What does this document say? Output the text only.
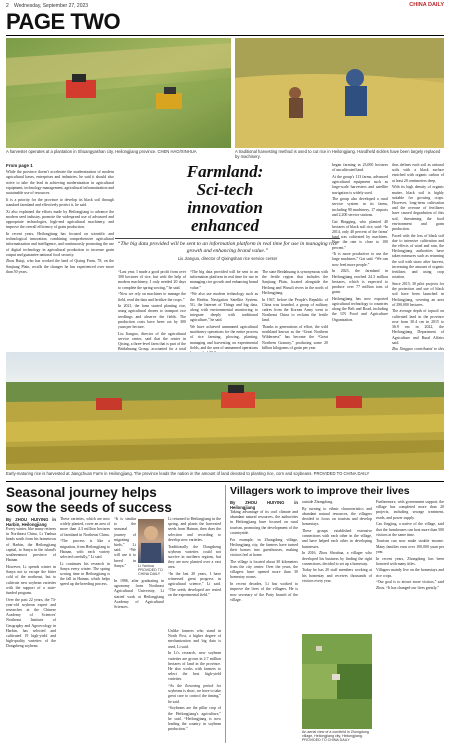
2 Wednesday, September 27, 2023	CHINA DAILY
PAGE TWO
A harvester operates at a plantation in Shuangyashan city, Heilongjiang province. CHEN HAO/XINHUA	A traditional harvesting method is used to cut rice in Heilongjiang. Handheld sickles have been largely replaced by machinery.
Farmland:
Sci-tech
innovation
enhanced
“The big data provided will be sent to an information platform in real time for use in managing rice growth and enhancing brand value.”
Liu Jianguo, director of Qixingshan rice service center
From page 1

While the province doesn't accelerate the modernization of modern agricultural bases, enterprises and industries, he said it should also strive to take the lead in achieving modernization in agricultural equipment, technology management, agricultural informatization and sustainable use of resources.

It is a priority for the province to develop its black soil through standard farmland and effectively protect it, he said.

Xi also explained the efforts made by Heilongjiang to advance the modern seed industry, promote the widespread use of advanced and appropriate technologies, high-end agricultural machinery, and improve the overall efficiency of grain production.

In recent years, Heilongjiang has focused on scientific and technological innovation, combining comprehensive agricultural informatization and intelligence, and continuously promoting the use of digital technology in agricultural production to increase grain output and guarantee national food security.

Zhou Ruiqi, who has worked the land of Qixing Farm, 78, on the Sanjiang Plain, recalls the changes he has experienced over more than 50 years.	“Last year, I made a good profit from over 300 hectares of rice, but with the help of modern machinery, I only needed 20 days to complete the spring sowing,” he said.

“Now we rely on machines to manage the field, read the data and fertilize the crops.”

In 2021, the farm started planting rice, using agricultural drones to transport rice seedlings and observe the fields. The production costs have been cut by 300 yuan per hectare.

Liu Jianguo, director of the agricultural service center, said that the center in Qixing, a three-level farm that is part of the Beidahuang Group, accounted for a total

“The big data provided will be sent to an information platform in real time for use in managing rice growth and enhancing brand value.”

“We also use modern technology such as the Beidou Navigation Satellite System, 5G, the Internet of Things and big data, along with environmental monitoring to integrate deeply with traditional agriculture,” he said.

We have achieved unmanned agricultural machinery operations for the entire process of rice farming, plowing, planting, managing and harvesting on experimental fields, and the area of unmanned operations

The state Beidahuang is synonymous with the fertile region that includes the Sanjiang Plain, located alongside the Heilong and Wusuli rivers in the north of Heilongjiang.

In 1947, before the People's Republic of China was founded, a group of military cadres from the Korean Army went to Northeast China to reclaim the fertile land.

Thanks to generations of effort, the wild northland known as the “Great Northern Wilderness” has become the “Great Northern Granary,” producing some 20 billion kilograms of grain per year.

began farming in 23,000 hectares of uncultivated land.

At the group's 113 farms, advanced agricultural equipment such as large-scale harvesters and satellite navigation is widely used.

The group also developed a rural service system in its farms, including 90 machinery, 17 airports and 2,200 service stations.

Gai Bingqing, who planted 40 hectares of black soil rice, said: “In 2014, only 40 percent of the farms' land was cultivated by machines. Now the rate is close to 100 percent.”

“It is more productive to use the large machines,” Gai said. “We can now feed more people.”

In 2023, the farmland in Heilongjiang reached 24.3 million hectares, which is expected to produce over 77 million tons of grain.

Heilongjiang has now exported agricultural technology to countries along the Belt and Road, including the UN Food and Agriculture Organization.

thus defines each soil as rational soils with a black surface enriched with organic carbon of at least 20 centimeters deep.

With its high density of organic matter, black soil is highly suitable for growing crops. However, long-term cultivation and the overuse of fertilizers have caused degradation of this soil, threatening the food environment and grain production.

Faced with the loss of black soil due to intensive cultivation and the effects of wind and rain, the Heilongjiang authorities have taken measures such as returning the soil with straw after harvest, increasing the amount of organic fertilizer, and using crop rotation.

Since 2015, 30 pilot projects for the protection and use of black soil have been launched in Heilongjiang, covering an area of 290,000 hectares.

The average depth of topsoil on cultivated land in the province rose from 30.4 cm in 2015 to 36.9 cm in 2022, the Heilongjiang Department of Agriculture and Rural Affairs said.

Zhu Xingguo contributed to this

Early-maturing rice is harvested at Jiangchuan Farm in Heilongjiang. The province leads the nation in the amount of land devoted to planting rice, corn and soybeans. PROVIDED TO CHINA DAILY
Seasonal journey helps
sow the seeds of success
By ZHOU HUIYING in Harbin, Heilongjiang

Every winter, like many retirees in Northeast China, Li Yanhua heads south from his hometown of Harbin, the Heilongjiang capital, to Sanya in the island's southernmost province of Hainan.

However, Li spends winter in Sanya not to escape the bitter cold of the northeast, but to cultivate new soybean varieties with the support of a state-funded program.

Over the past 22 years, the 74-year-old soybean expert and researcher at the Chinese Academy of Sciences' Northeast Institute of Geography and Agroecology in Harbin, has selected and cultivated 19 high-yield and high-quality varieties of the Dongsheng soybean.

These varieties, which are now widely planted, cover an area of more than 4.3 million hectares of farmland in Northeast China.

“The process is like a migration, from Heilongjiang to Hainan, with each variety selected carefully,” Li said.

Li continues his research in Sanya every winter. The spring sowing time in Heilongjiang is the fall in Hainan, which helps speed up the breeding process.

“It is similar to the seasonal journey of migrating birds,” Li said. “We will use it to breed in Sanya.”	Li Yanhua PROVIDED TO CHINA DAILY

In 1986, after graduating in agronomy from Northeast Agricultural University, Li started work at Heilongjiang Academy of Agricultural Sciences.

Li returned to Heilongjiang in the spring, and plants the harvested seeds from Hainan, then does the selection and recording to develop new varieties.

Traditionally the Dongsheng soybean varieties could not survive in northern regions, but they are now planted over a vast area.

“In the last 20 years, I have witnessed great progress in agricultural science,” Li said. “The seeds developed are tested on the experimental field.”

Unlike farmers who stand in North Post, a higher degree of mechanization and big data is used, Li said.

In Li's research, new soybean varieties are grown in 2.7 million hectares of land in the province. He also works with farmers to select the best high-yield varieties.

“As the flowering period for soybeans is short, we have to take great care to control the timing,” he said.

“Soybeans are the pillar crop of the Heilongjiang's agriculture,” he said. “Heilongjiang is now leading the country in soybean production.”

Villagers work to improve their lives
By ZHOU HUIYING in Heilongjiang

Taking advantage of its cool climate and abundant natural resources, the authorities in Heilongjiang have focused on rural tourism, promoting the development of the countryside.

For example, in Zhongdong village, Heilongjiang city, the farmers have turned their homes into guesthouses, making visitors feel at home.

The village is located about 30 kilometers from the city center. Over the years, the villagers have opened more than 30 homestay rooms.

In recent decades, Li has worked to improve the lives of the villagers. He is now secretary of the Party branch of the village.

outside Zhongdong.

By turning to ethnic characteristics and abundant natural resources, the villagers decided to focus on tourism and develop homestays.

These groups established extensive connections with each other in the village, and have helped each other in developing businesses.

In 2016, Zhou Shouhua, a villager who developed his business by finding the right connections, decided to set up a homestay.

Today he has 20 staff members working at his homestay and receives thousands of visitors every year.

Furthermore, with government support, the village has completed more than 20 projects, including sewage treatment, roads, and power supply.

Cao Jingjing, a native of the village, said that the farmhouses can host more than 500 visitors at the same time.

Tourism can now make sizable income. Many families earn over 100,000 yuan per year.

In recent years, Zhongdong has been honored with many titles.

Villagers mainly live on the homestays and rice crops.

“Our goal is to attract more visitors,” said Zhou. “It has changed our lives greatly.”

An aerial view of a cornfield in Zhongdong village, Heilongjiang city, Heilongjiang. PROVIDED TO CHINA DAILY
